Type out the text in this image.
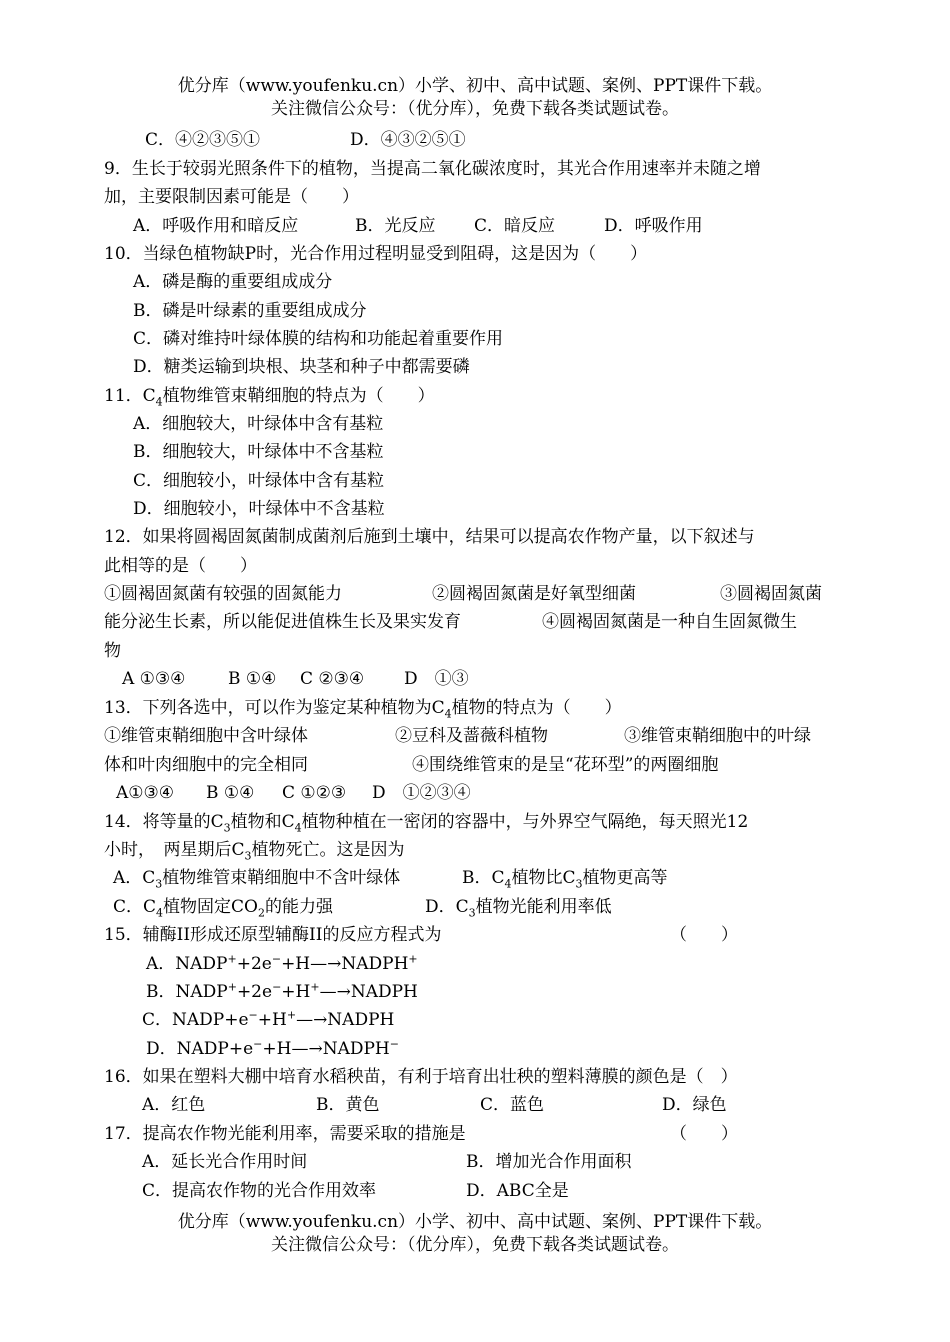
优分库（www.youfenku.cn）小学、初中、高中试题、案例、PPT课件下载。
关注微信公众号：（优分库），免费下载各类试题试卷。
C．④②③⑤①	D．④③②⑤①
9．生长于较弱光照条件下的植物，当提高二氧化碳浓度时，其光合作用速率并未随之增
加，主要限制因素可能是（　　）
A．呼吸作用和暗反应	B．光反应 C．暗反应	D．呼吸作用
10．当绿色植物缺P时，光合作用过程明显受到阻碍，这是因为（　　）
A．磷是酶的重要组成成分
B．磷是叶绿素的重要组成成分
C．磷对维持叶绿体膜的结构和功能起着重要作用
D．糖类运输到块根、块茎和种子中都需要磷
11．$C_4$植物维管束鞘细胞的特点为（　　）
A．细胞较大，叶绿体中含有基粒
B．细胞较大，叶绿体中不含基粒
C．细胞较小，叶绿体中含有基粒
D．细胞较小，叶绿体中不含基粒
12．如果将圆褐固氮菌制成菌剂后施到土壤中，结果可以提高农作物产量，以下叙述与
此相等的是（　　）
①圆褐固氮菌有较强的固氮能力	②圆褐固氮菌是好氧型细菌	③圆褐固氮菌
能分泌生长素，所以能促进值株生长及果实发育	④圆褐固氮菌是一种自生固氮微生
物
A ①③④	B ①④ C ②③④ D　①③
13．下列各选中，可以作为鉴定某种植物为$C_4$植物的特点为（　　）
①维管束鞘细胞中含叶绿体	②豆科及蔷薇科植物	③维管束鞘细胞中的叶绿
体和叶肉细胞中的完全相同	④围绕维管束的是呈“花环型”的两圈细胞
A①③④ B ①④ C ①②③ D　①②③④
14．将等量的$C_3$植物和$C_4$植物种植在一密闭的容器中，与外界空气隔绝，每天照光12
小时，　两星期后$C_3$植物死亡。这是因为
A．$C_3$植物维管束鞘细胞中不含叶绿体	B．$C_4$植物比$C_3$植物更高等
C．$C_4$植物固定$CO_2$的能力强	D．$C_3$植物光能利用率低
15．辅酶II形成还原型辅酶II的反应方程式为	（　　）
A．NADP++2e−+H—→NADPH+
B．NADP++2e−+H+—→NADPH
C．NADP+e−+H+—→NADPH
D．NADP+e−+H—→NADPH−
16．如果在塑料大棚中培育水稻秧苗，有利于培育出壮秧的塑料薄膜的颜色是（　）
A．红色	B．黄色	C．蓝色	D．绿色
17．提高农作物光能利用率，需要采取的措施是	（　　）
A．延长光合作用时间	B．增加光合作用面积
C．提高农作物的光合作用效率	D．ABC全是
优分库（www.youfenku.cn）小学、初中、高中试题、案例、PPT课件下载。
关注微信公众号：（优分库），免费下载各类试题试卷。
